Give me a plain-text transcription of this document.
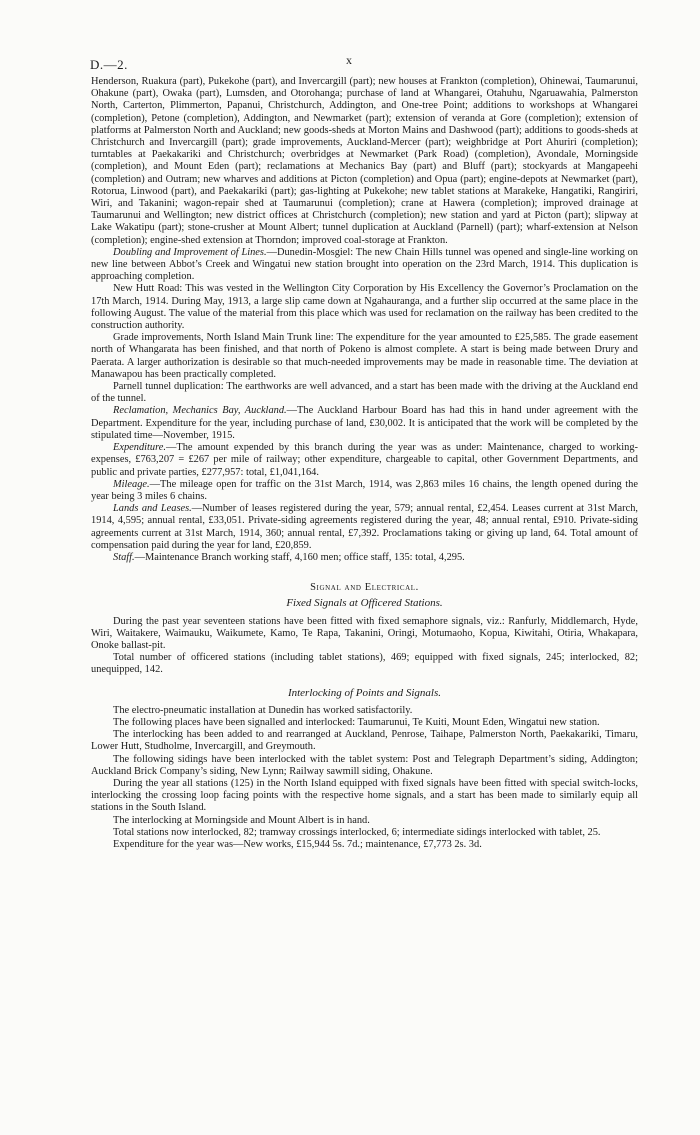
D.—2.	x

Henderson, Ruakura (part), Pukekohe (part), and Invercargill (part); new houses at Frankton (completion), Ohinewai, Taumarunui, Ohakune (part), Owaka (part), Lumsden, and Otorohanga; purchase of land at Whangarei, Otahuhu, Ngaruawahia, Palmerston North, Carterton, Plimmerton, Papanui, Christchurch, Addington, and One-tree Point; additions to workshops at Whangarei (completion), Petone (completion), Addington, and Newmarket (part); extension of veranda at Gore (completion); extension of platforms at Palmerston North and Auckland; new goods-sheds at Morton Mains and Dashwood (part); additions to goods-sheds at Christchurch and Invercargill (part); grade improvements, Auckland-Mercer (part); weighbridge at Port Ahuriri (completion); turntables at Paekakariki and Christchurch; overbridges at Newmarket (Park Road) (completion), Avondale, Morningside (completion), and Mount Eden (part); reclamations at Mechanics Bay (part) and Bluff (part); stockyards at Mangapeehi (completion) and Outram; new wharves and additions at Picton (completion) and Opua (part); engine-depots at Newmarket (part), Rotorua, Linwood (part), and Paekakariki (part); gas-lighting at Pukekohe; new tablet stations at Marakeke, Hangatiki, Rangiriri, Wiri, and Takanini; wagon-repair shed at Taumarunui (completion); crane at Hawera (completion); improved drainage at Taumarunui and Wellington; new district offices at Christchurch (completion); new station and yard at Picton (part); slipway at Lake Wakatipu (part); stone-crusher at Mount Albert; tunnel duplication at Auckland (Parnell) (part); wharf-extension at Nelson (completion); engine-shed extension at Thorndon; improved coal-storage at Frankton.

Doubling and Improvement of Lines.—Dunedin-Mosgiel: The new Chain Hills tunnel was opened and single-line working on new line between Abbot’s Creek and Wingatui new station brought into operation on the 23rd March, 1914. This duplication is approaching completion.

New Hutt Road: This was vested in the Wellington City Corporation by His Excellency the Governor’s Proclamation on the 17th March, 1914. During May, 1913, a large slip came down at Ngahauranga, and a further slip occurred at the same place in the following August. The value of the material from this place which was used for reclamation on the railway has been credited to the construction authority.

Grade improvements, North Island Main Trunk line: The expenditure for the year amounted to £25,585. The grade easement north of Whangarata has been finished, and that north of Pokeno is almost complete. A start is being made between Drury and Paerata. A larger authorization is desirable so that much-needed improvements may be made in reasonable time. The deviation at Manawapou has been practically completed.

Parnell tunnel duplication: The earthworks are well advanced, and a start has been made with the driving at the Auckland end of the tunnel.

Reclamation, Mechanics Bay, Auckland.—The Auckland Harbour Board has had this in hand under agreement with the Department. Expenditure for the year, including purchase of land, £30,002. It is anticipated that the work will be completed by the stipulated time—November, 1915.

Expenditure.—The amount expended by this branch during the year was as under: Maintenance, charged to working-expenses, £763,207 = £267 per mile of railway; other expenditure, chargeable to capital, other Government Departments, and public and private parties, £277,957: total, £1,041,164.

Mileage.—The mileage open for traffic on the 31st March, 1914, was 2,863 miles 16 chains, the length opened during the year being 3 miles 6 chains.

Lands and Leases.—Number of leases registered during the year, 579; annual rental, £2,454. Leases current at 31st March, 1914, 4,595; annual rental, £33,051. Private-siding agreements registered during the year, 48; annual rental, £910. Private-siding agreements current at 31st March, 1914, 360; annual rental, £7,392. Proclamations taking or giving up land, 64. Total amount of compensation paid during the year for land, £20,859.

Staff.—Maintenance Branch working staff, 4,160 men; office staff, 135: total, 4,295.

Signal and Electrical.
Fixed Signals at Officered Stations.

During the past year seventeen stations have been fitted with fixed semaphore signals, viz.: Ranfurly, Middlemarch, Hyde, Wiri, Waitakere, Waimauku, Waikumete, Kamo, Te Rapa, Takanini, Oringi, Motumaoho, Kopua, Kiwitahi, Otiria, Whakapara, Onoke ballast-pit.

Total number of officered stations (including tablet stations), 469; equipped with fixed signals, 245; interlocked, 82; unequipped, 142.

Interlocking of Points and Signals.

The electro-pneumatic installation at Dunedin has worked satisfactorily.

The following places have been signalled and interlocked: Taumarunui, Te Kuiti, Mount Eden, Wingatui new station.

The interlocking has been added to and rearranged at Auckland, Penrose, Taihape, Palmerston North, Paekakariki, Timaru, Lower Hutt, Studholme, Invercargill, and Greymouth.

The following sidings have been interlocked with the tablet system: Post and Telegraph Department’s siding, Addington; Auckland Brick Company’s siding, New Lynn; Railway sawmill siding, Ohakune.

During the year all stations (125) in the North Island equipped with fixed signals have been fitted with special switch-locks, interlocking the crossing loop facing points with the respective home signals, and a start has been made to similarly equip all stations in the South Island.

The interlocking at Morningside and Mount Albert is in hand.

Total stations now interlocked, 82; tramway crossings interlocked, 6; intermediate sidings interlocked with tablet, 25.

Expenditure for the year was—New works, £15,944 5s. 7d.; maintenance, £7,773 2s. 3d.
